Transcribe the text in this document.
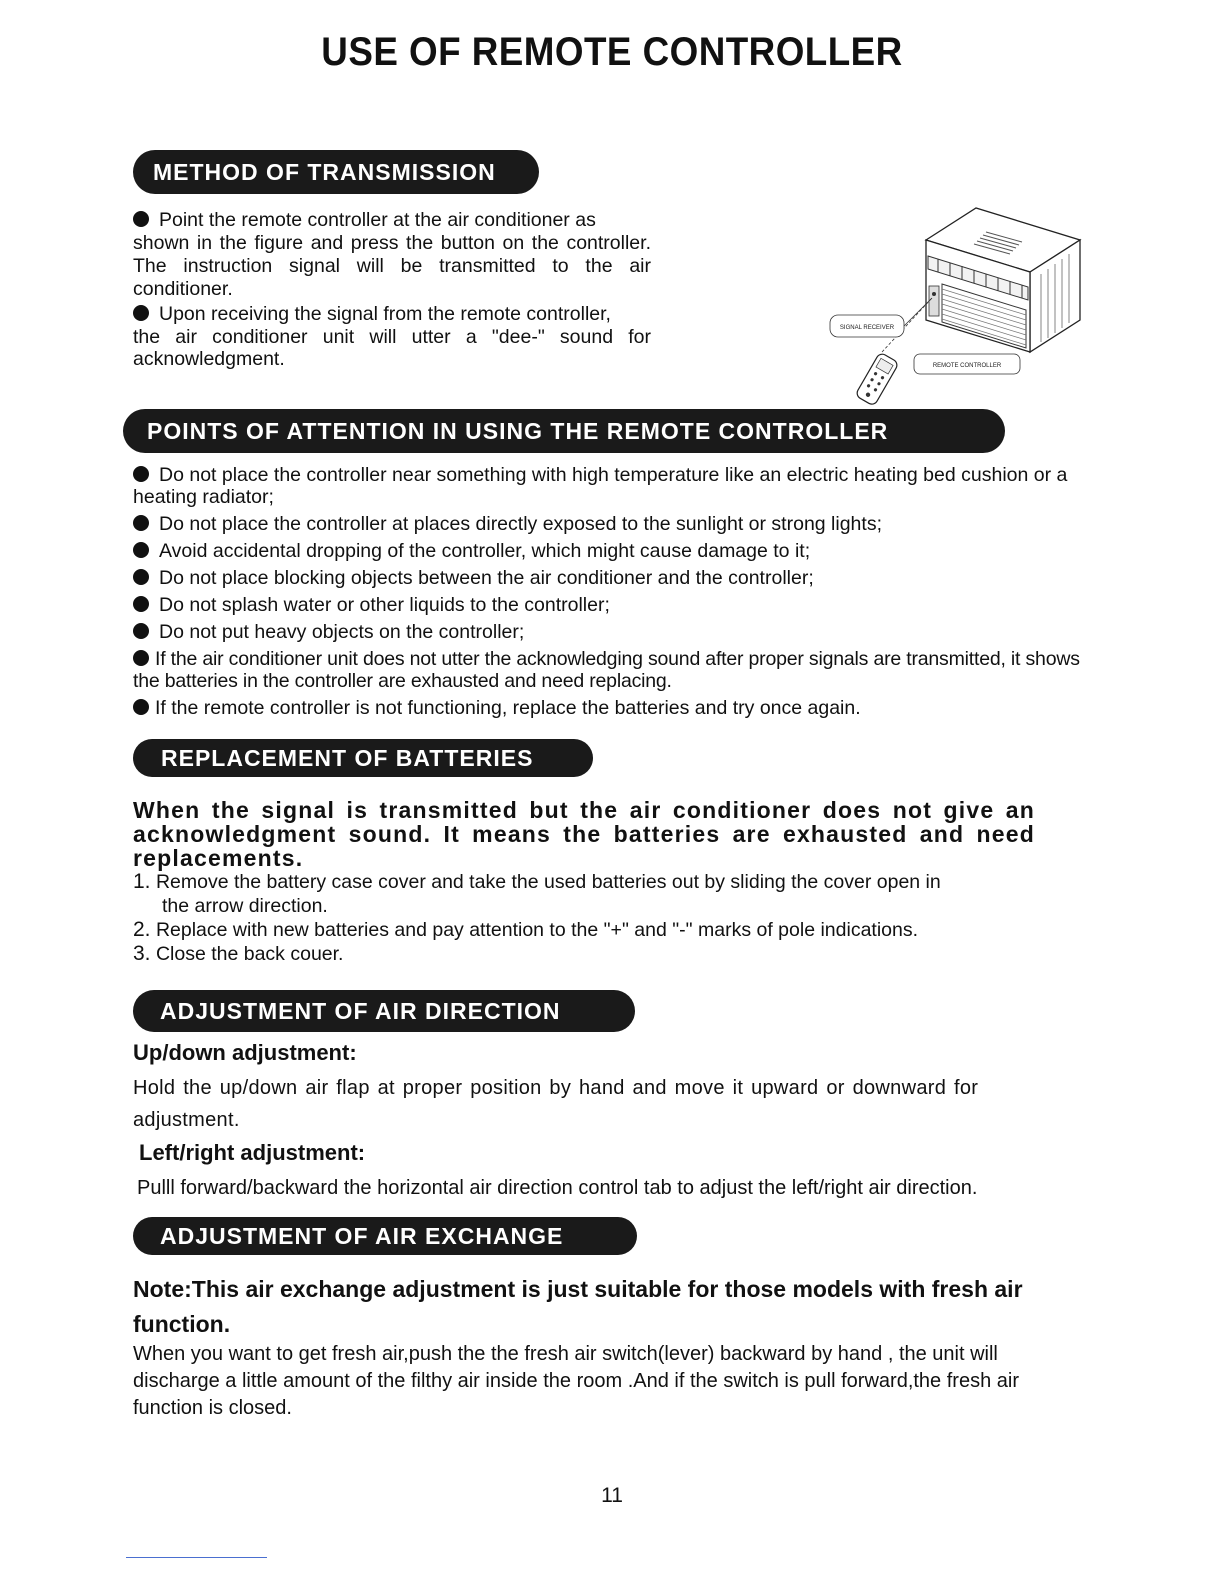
USE OF REMOTE CONTROLLER
METHOD OF TRANSMISSION
Point the remote controller at the air conditioner as
shown in the figure and press the button on the controller. The instruction signal will be transmitted to the air conditioner.
Upon receiving the signal from the remote controller,
the air conditioner unit will utter a "dee-" sound for acknowledgment.
SIGNAL RECEIVER
REMOTE CONTROLLER
POINTS OF ATTENTION IN USING THE REMOTE CONTROLLER
Do not place the controller near something with high temperature like an electric heating bed cushion or a heating radiator;
Do not place the controller at places directly exposed to the sunlight or strong lights;
Avoid accidental dropping of the controller, which might cause damage to it;
Do not place blocking objects between the air conditioner and the controller;
Do not splash water or other liquids to the controller;
Do not put heavy objects on the controller;
If the air conditioner unit does not utter the acknowledging sound after proper signals are transmitted, it shows the batteries in the controller are exhausted and need replacing.
If the remote controller is not functioning, replace the batteries and try once again.
REPLACEMENT OF BATTERIES
When the signal is transmitted but the air conditioner does not give an acknowledgment sound. It means the batteries are exhausted and need replacements.
1. Remove the battery case cover and take the used batteries out by sliding the cover open in
the arrow direction.
2. Replace with new batteries and pay attention to the "+" and "-" marks of pole indications.
3. Close the back couer.
ADJUSTMENT OF AIR DIRECTION
Up/down adjustment:
Hold the up/down air flap at proper position by hand and move it upward or downward for adjustment.
Left/right adjustment:
Pulll forward/backward the horizontal air direction control tab to adjust the left/right air direction.
ADJUSTMENT OF AIR EXCHANGE
Note:This air exchange adjustment is just suitable for those models with fresh air function.
When you want to get fresh air,push the the fresh air switch(lever) backward by hand , the unit will discharge a little amount of the filthy air inside the room .And if the switch is pull forward,the fresh air function is closed.
11
